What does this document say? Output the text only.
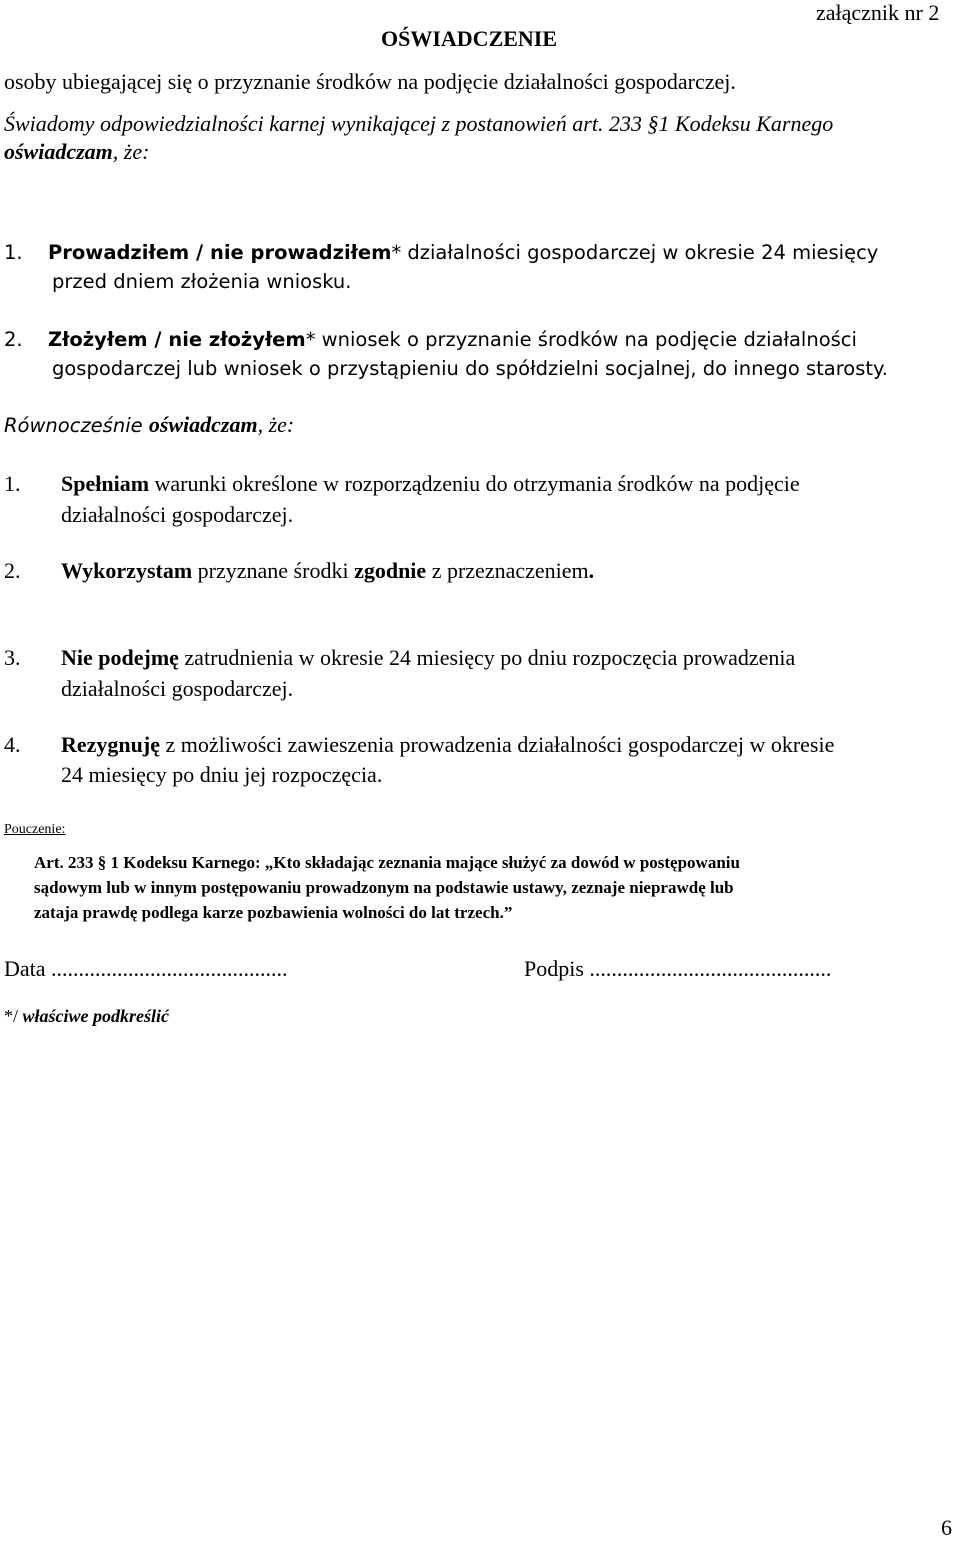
załącznik nr 2
OŚWIADCZENIE
osoby ubiegającej się o przyznanie środków na podjęcie działalności gospodarczej.
Świadomy odpowiedzialności karnej wynikającej z postanowień art. 233 §1 Kodeksu Karnego
oświadczam, że:
1. Prowadziłem / nie prowadziłem* działalności gospodarczej w okresie 24 miesięcy
przed dniem złożenia wniosku.
2. Złożyłem / nie złożyłem* wniosek o przyznanie środków na podjęcie działalności
gospodarczej lub wniosek o przystąpieniu do spółdzielni socjalnej, do innego starosty.
Równocześnie oświadczam, że:
1. Spełniam warunki określone w rozporządzeniu do otrzymania środków na podjęcie
działalności gospodarczej.
2. Wykorzystam przyznane środki zgodnie z przeznaczeniem.
3. Nie podejmę zatrudnienia w okresie 24 miesięcy po dniu rozpoczęcia prowadzenia
działalności gospodarczej.
4. Rezygnuję z możliwości zawieszenia prowadzenia działalności gospodarczej w okresie
24 miesięcy po dniu jej rozpoczęcia.
Pouczenie:
Art. 233 § 1 Kodeksu Karnego: „Kto składając zeznania mające służyć za dowód w postępowaniu
sądowym lub w innym postępowaniu prowadzonym na podstawie ustawy, zeznaje nieprawdę lub
zataja prawdę podlega karze pozbawienia wolności do lat trzech.”
Data ...........................................	Podpis ............................................
*/ właściwe podkreślić
6
